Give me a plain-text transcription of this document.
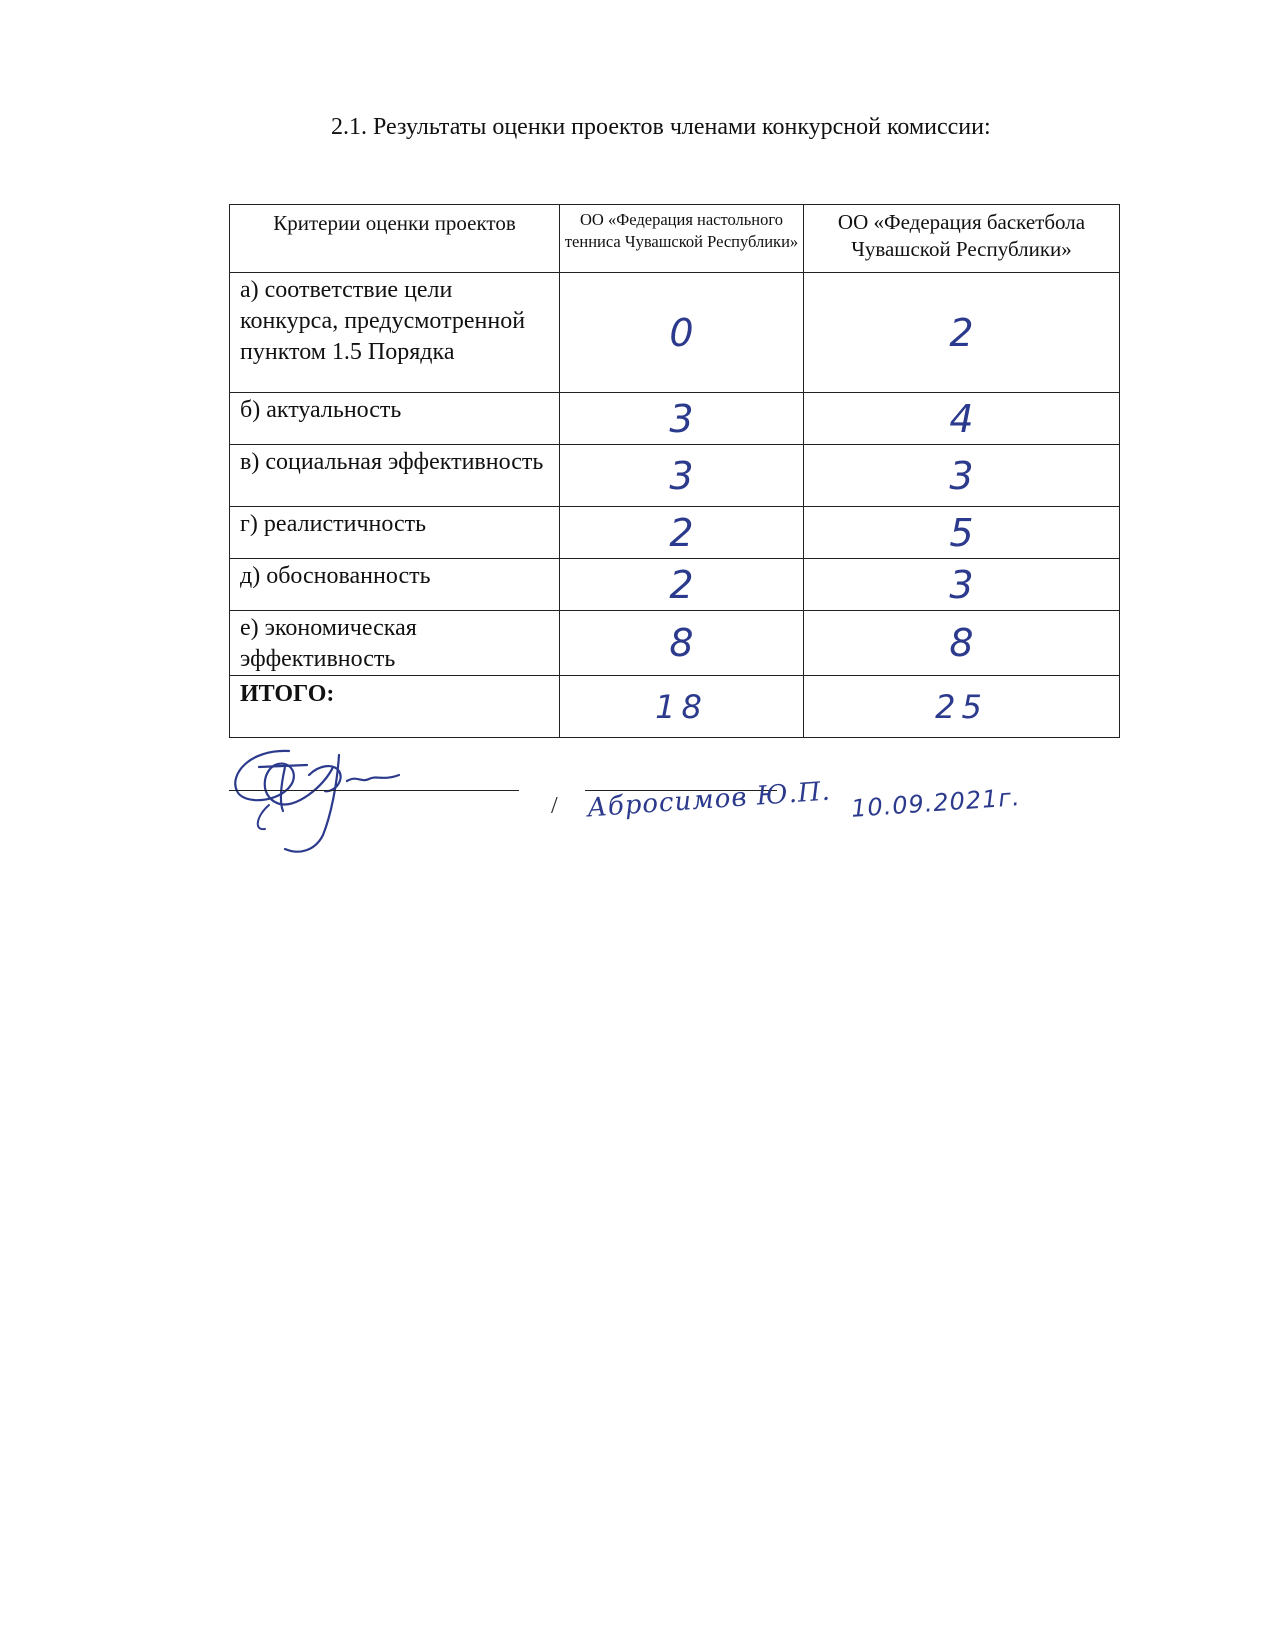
2.1. Результаты оценки проектов членами конкурсной комиссии:
Критерии оценки проектов	ОО «Федерация настольного тенниса Чувашской Республики»	ОО «Федерация баскетбола Чувашской Республики»
а) соответствие цели конкурса, предусмотренной пунктом 1.5 Порядка	0	2
б) актуальность	3	4
в) социальная эффективность	3	3
г) реалистичность	2	5
д) обоснованность	2	3
е) экономическая эффективность	8	8
ИТОГО:	18	25
/ Абросимов Ю.П. 10.09.2021г.
